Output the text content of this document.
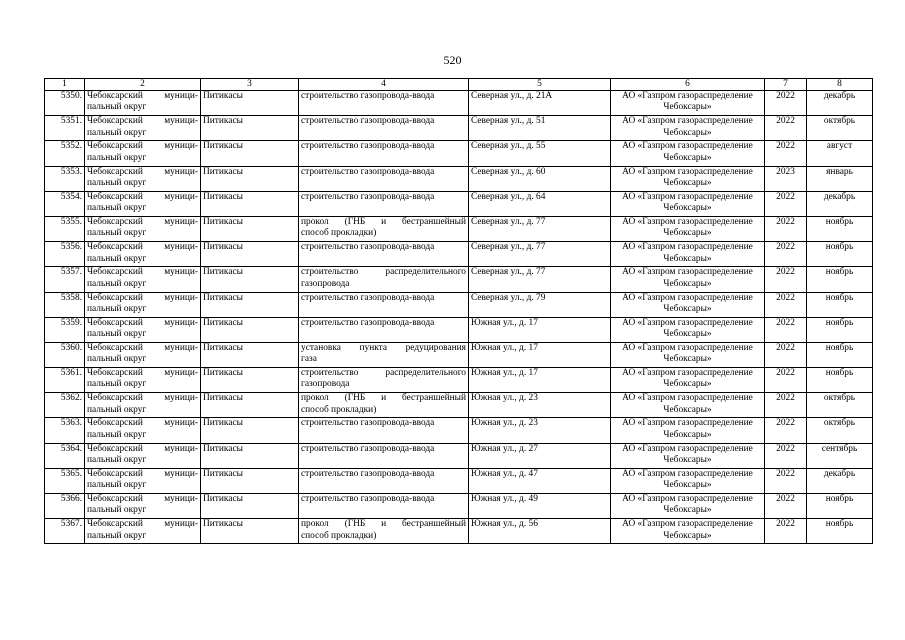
520
1	2	3	4	5	6	7	8

5350.	Чебоксарский муници-
пальный округ	Питикасы	строительство газопровода-ввода	Северная ул., д. 21А	АО «Газпром газораспределение
Чебоксары»	2022	декабрь

5351.	Чебоксарский муници-
пальный округ	Питикасы	строительство газопровода-ввода	Северная ул., д. 51	АО «Газпром газораспределение
Чебоксары»	2022	октябрь

5352.	Чебоксарский муници-
пальный округ	Питикасы	строительство газопровода-ввода	Северная ул., д. 55	АО «Газпром газораспределение
Чебоксары»	2022	август

5353.	Чебоксарский муници-
пальный округ	Питикасы	строительство газопровода-ввода	Северная ул., д. 60	АО «Газпром газораспределение
Чебоксары»	2023	январь

5354.	Чебоксарский муници-
пальный округ	Питикасы	строительство газопровода-ввода	Северная ул., д. 64	АО «Газпром газораспределение
Чебоксары»	2022	декабрь

5355.	Чебоксарский муници-
пальный округ	Питикасы	прокол (ГНБ и бестраншейный
способ прокладки)	Северная ул., д. 77	АО «Газпром газораспределение
Чебоксары»	2022	ноябрь

5356.	Чебоксарский муници-
пальный округ	Питикасы	строительство газопровода-ввода	Северная ул., д. 77	АО «Газпром газораспределение
Чебоксары»	2022	ноябрь

5357.	Чебоксарский муници-
пальный округ	Питикасы	строительство распределительного
газопровода	Северная ул., д. 77	АО «Газпром газораспределение
Чебоксары»	2022	ноябрь

5358.	Чебоксарский муници-
пальный округ	Питикасы	строительство газопровода-ввода	Северная ул., д. 79	АО «Газпром газораспределение
Чебоксары»	2022	ноябрь

5359.	Чебоксарский муници-
пальный округ	Питикасы	строительство газопровода-ввода	Южная ул., д. 17	АО «Газпром газораспределение
Чебоксары»	2022	ноябрь

5360.	Чебоксарский муници-
пальный округ	Питикасы	установка пункта редуцирования
газа	Южная ул., д. 17	АО «Газпром газораспределение
Чебоксары»	2022	ноябрь

5361.	Чебоксарский муници-
пальный округ	Питикасы	строительство распределительного
газопровода	Южная ул., д. 17	АО «Газпром газораспределение
Чебоксары»	2022	ноябрь

5362.	Чебоксарский муници-
пальный округ	Питикасы	прокол (ГНБ и бестраншейный
способ прокладки)	Южная ул., д. 23	АО «Газпром газораспределение
Чебоксары»	2022	октябрь

5363.	Чебоксарский муници-
пальный округ	Питикасы	строительство газопровода-ввода	Южная ул., д. 23	АО «Газпром газораспределение
Чебоксары»	2022	октябрь

5364.	Чебоксарский муници-
пальный округ	Питикасы	строительство газопровода-ввода	Южная ул., д. 27	АО «Газпром газораспределение
Чебоксары»	2022	сентябрь

5365.	Чебоксарский муници-
пальный округ	Питикасы	строительство газопровода-ввода	Южная ул., д. 47	АО «Газпром газораспределение
Чебоксары»	2022	декабрь

5366.	Чебоксарский муници-
пальный округ	Питикасы	строительство газопровода-ввода	Южная ул., д. 49	АО «Газпром газораспределение
Чебоксары»	2022	ноябрь

5367.	Чебоксарский муници-
пальный округ	Питикасы	прокол (ГНБ и бестраншейный
способ прокладки)	Южная ул., д. 56	АО «Газпром газораспределение
Чебоксары»	2022	ноябрь
